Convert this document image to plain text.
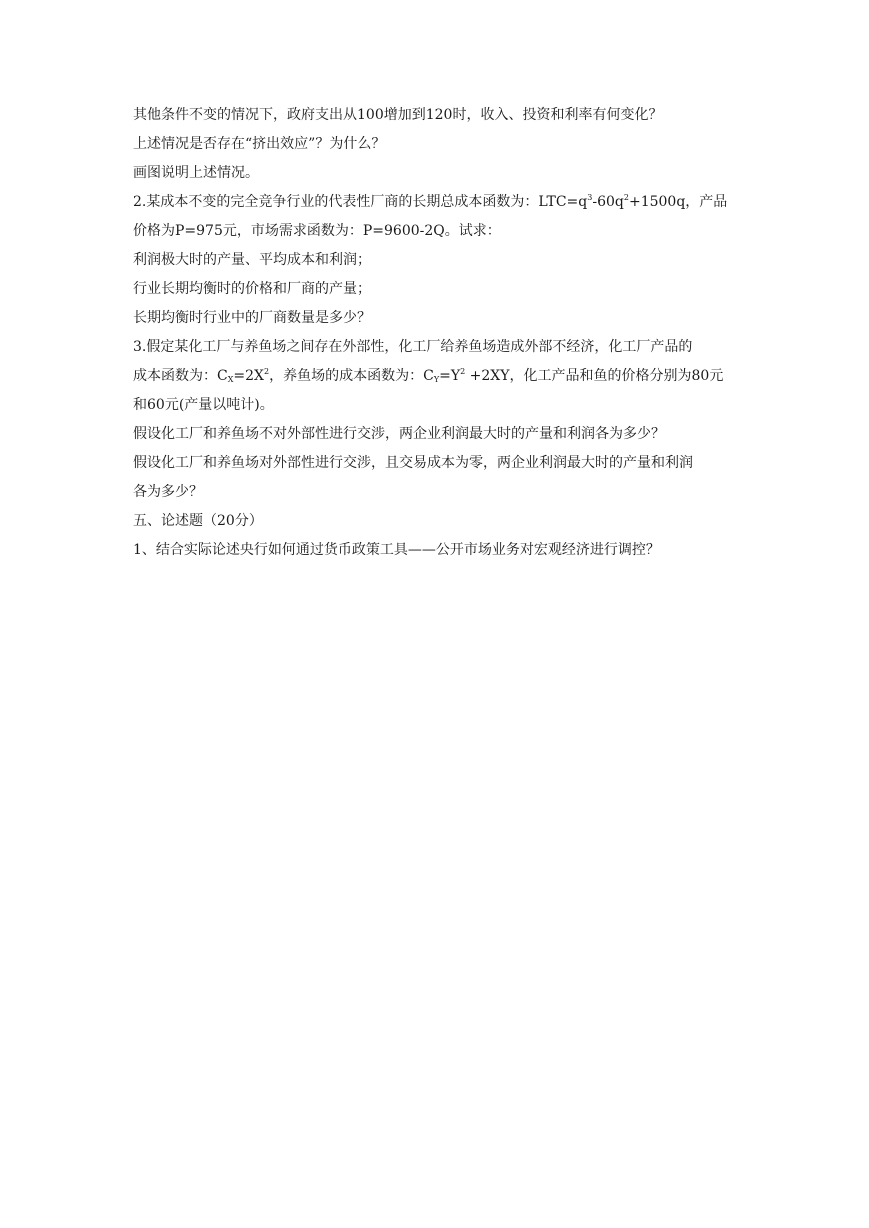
其他条件不变的情况下，政府支出从100增加到120时，收入、投资和利率有何变化？
上述情况是否存在“挤出效应”？为什么？
画图说明上述情况。
2.某成本不变的完全竞争行业的代表性厂商的长期总成本函数为：$LTC=q^3-60q^2+1500q$，产品
价格为P=975元，市场需求函数为：P=9600-2Q。试求：
利润极大时的产量、平均成本和利润；
行业长期均衡时的价格和厂商的产量；
长期均衡时行业中的厂商数量是多少？
3.假定某化工厂与养鱼场之间存在外部性，化工厂给养鱼场造成外部不经济，化工厂产品的
成本函数为：$C_X=2X^2$，养鱼场的成本函数为：$C_Y=Y^2 +2XY$，化工产品和鱼的价格分别为80元
和60元(产量以吨计)。
假设化工厂和养鱼场不对外部性进行交涉，两企业利润最大时的产量和利润各为多少？
假设化工厂和养鱼场对外部性进行交涉，且交易成本为零，两企业利润最大时的产量和利润
各为多少？
五、论述题（20分）
1、结合实际论述央行如何通过货币政策工具——公开市场业务对宏观经济进行调控？
